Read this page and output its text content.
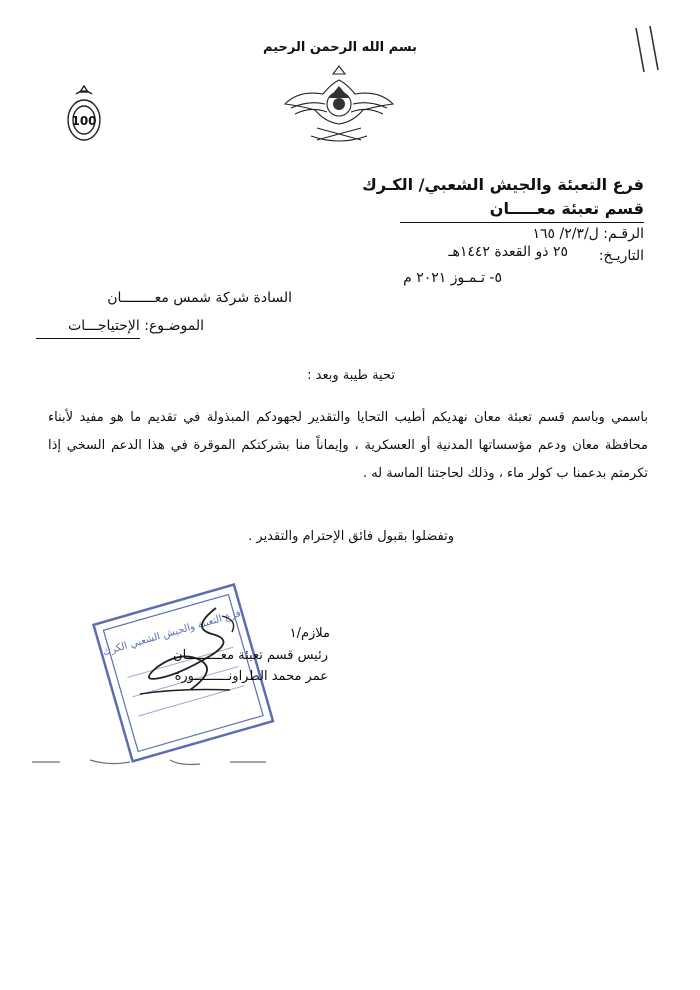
بسم الله الرحمن الرحيم
100
فرع التعبئة والجيش الشعبي/ الكـرك
قسم تعبئة معـــــان
الرقـم: ل/٢/٣/ ١٦٥
التاريـخ:
٢٥ ذو القعدة ١٤٤٢هـ
٥- تـمـوز ٢٠٢١ م
السادة شركة شمس معــــــــان
الموضـوع: الإحتياجـــات
تحية طيبة وبعد :
باسمي وباسم قسم تعبئة معان نهديكم أطيب التحايا والتقدير لجهودكم المبذولة في تقديم ما هو مفيد لأبناء محافظة معان ودعم مؤسساتها المدنية أو العسكرية ، وإيماناً منا بشركتكم الموقرة في هذا الدعم السخي إذا تكرمتم بدعمنا ب كولر ماء ، وذلك لحاجتنا الماسة له .
وتفضلوا بقبول فائق الإحترام والتقدير .
فرع التعبئة والجيش الشعبي الكرك	ملازم/١
رئيس قسم تعبئة معـــــــــان
عمر محمد الطراونـــــــــورة
